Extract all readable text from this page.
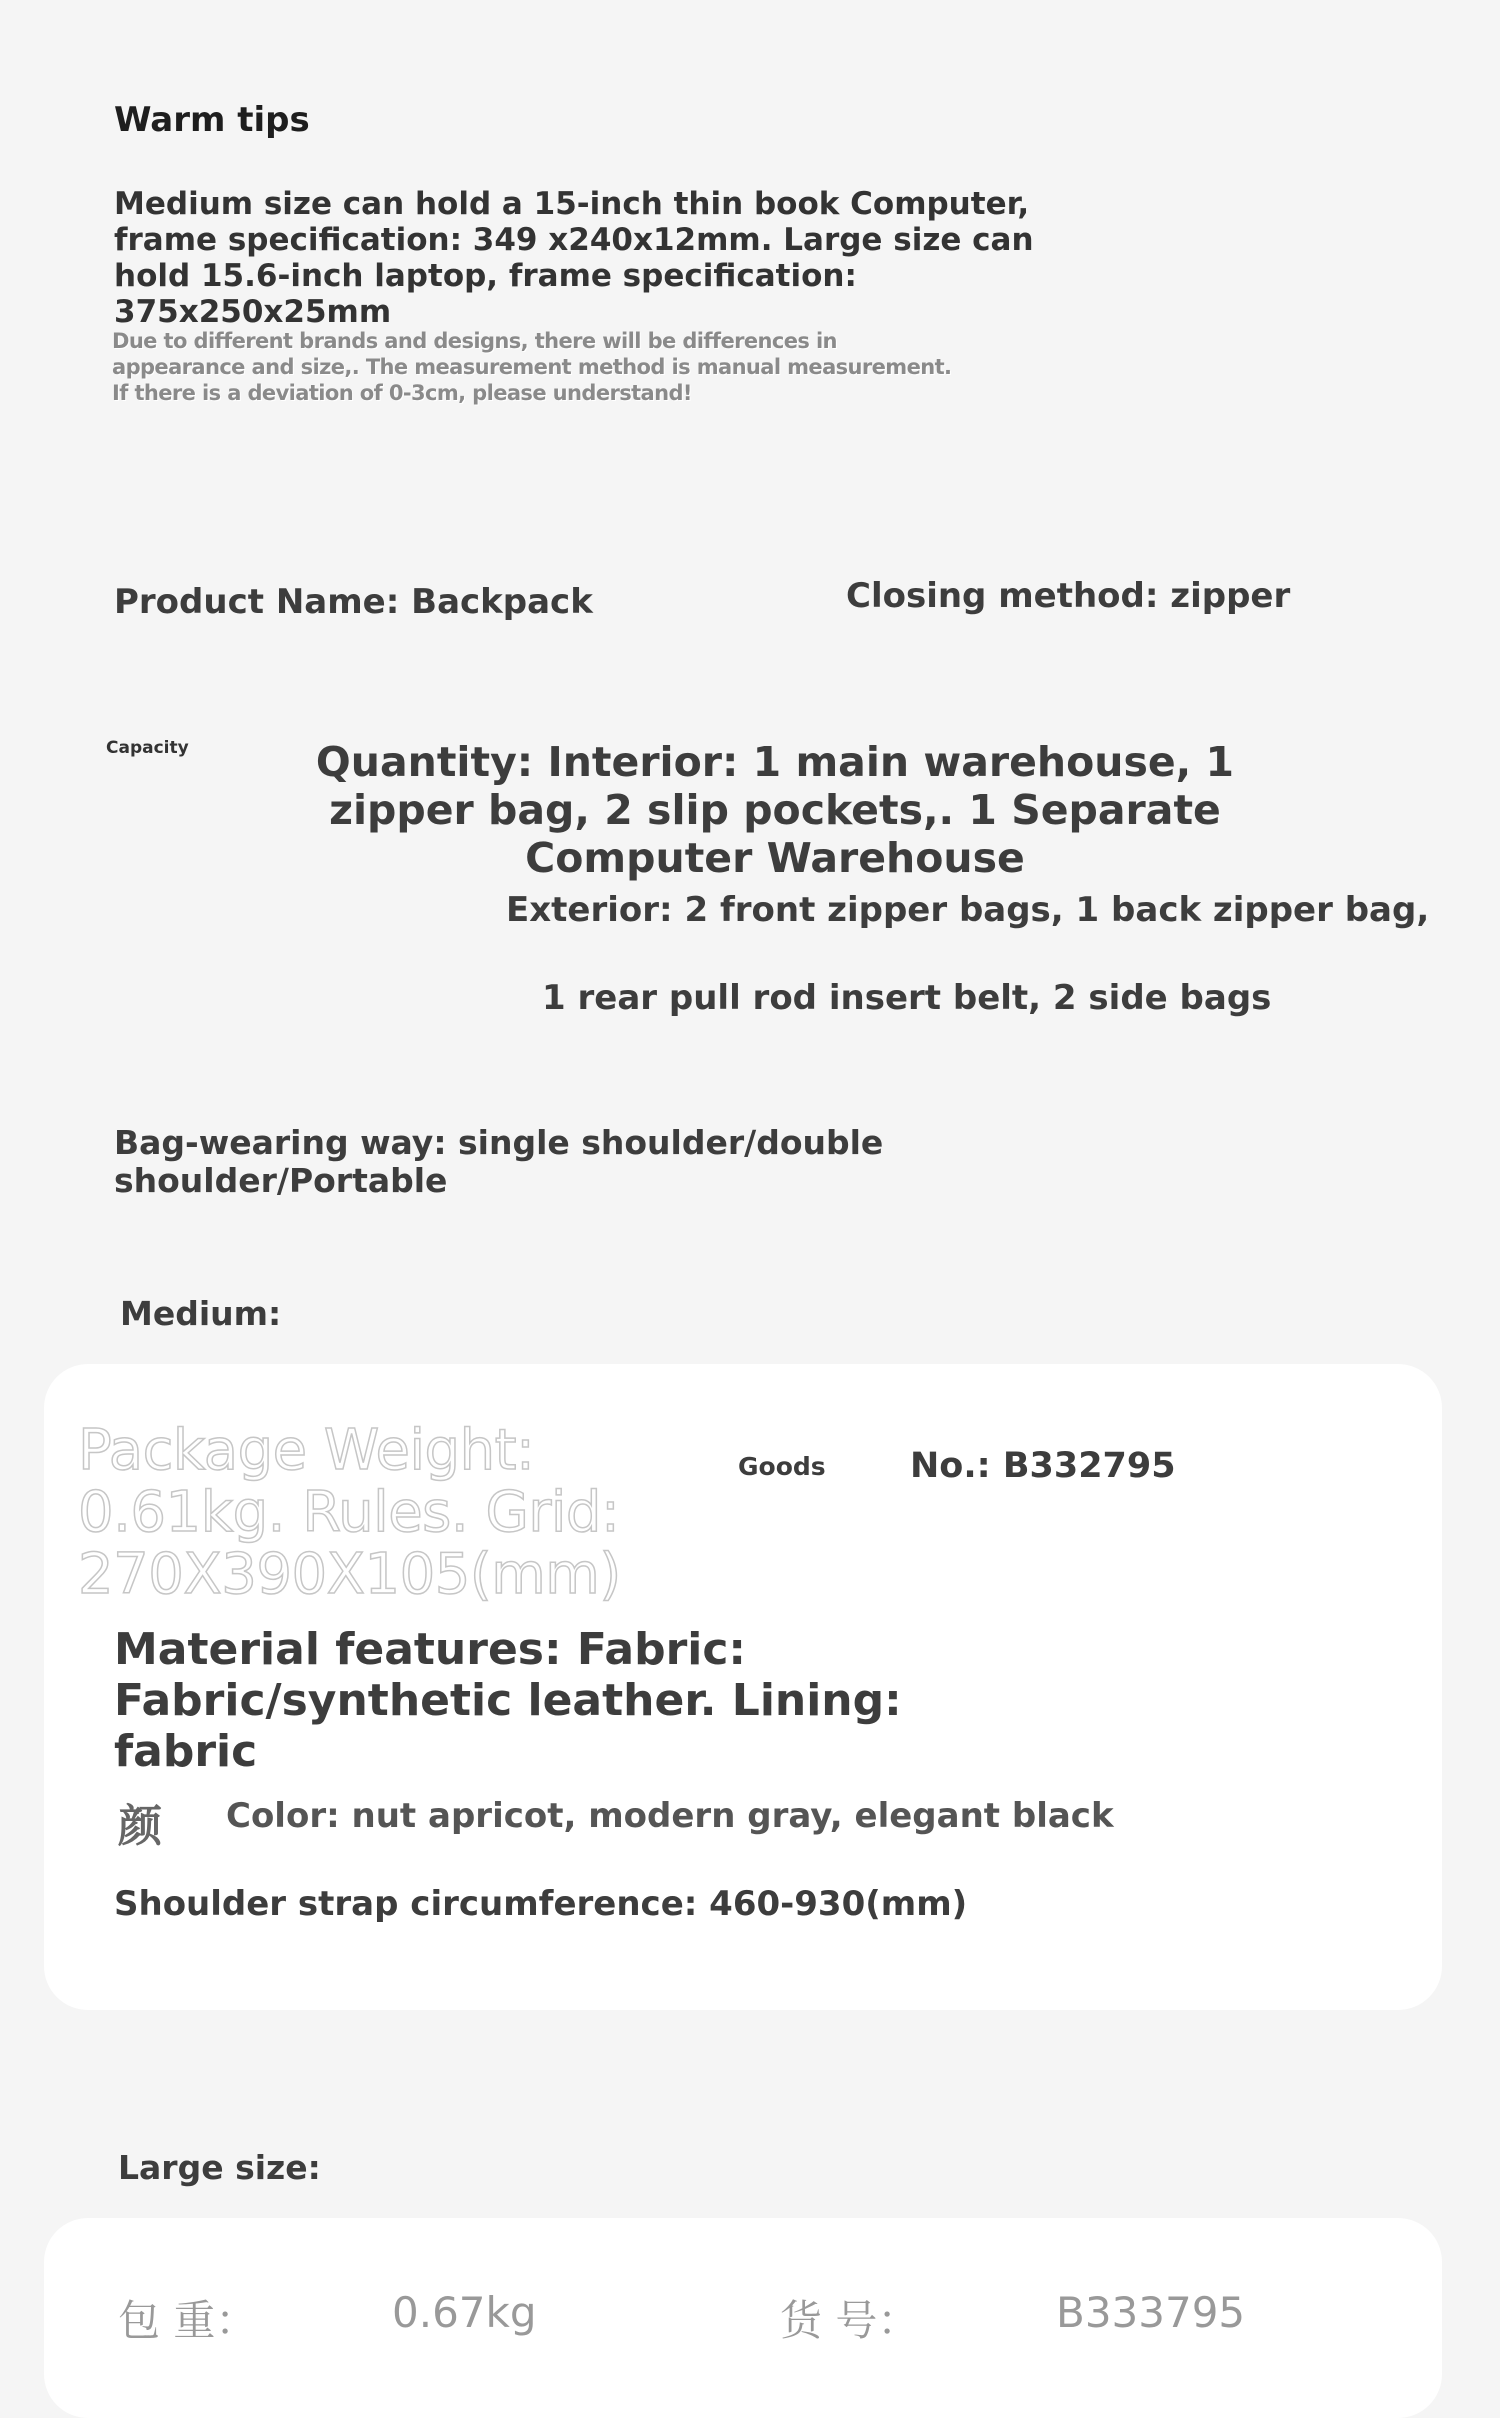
Warm tips

Medium size can hold a 15-inch thin book Computer, frame specification: 349 x240x12mm. Large size can hold 15.6-inch laptop, frame specification: 375x250x25mm

Due to different brands and designs, there will be differences in appearance and size,. The measurement method is manual measurement. If there is a deviation of 0-3cm, please understand!

Product Name: Backpack	Closing method: zipper

Capacity	Quantity: Interior: 1 main warehouse, 1 zipper bag, 2 slip pockets,. 1 Separate Computer Warehouse

Exterior: 2 front zipper bags, 1 back zipper bag,

1 rear pull rod insert belt, 2 side bags

Bag-wearing way: single shoulder/double shoulder/Portable

Medium:

Package Weight: 0.61kg. Rules. Grid: 270X390X105(mm)

Goods No.: B332795

Material features: Fabric: Fabric/synthetic leather. Lining: fabric

颜 Color: nut apricot, modern gray, elegant black

Shoulder strap circumference: 460-930(mm)

Large size:

包 重：	0.67kg	货 号：	B333795
